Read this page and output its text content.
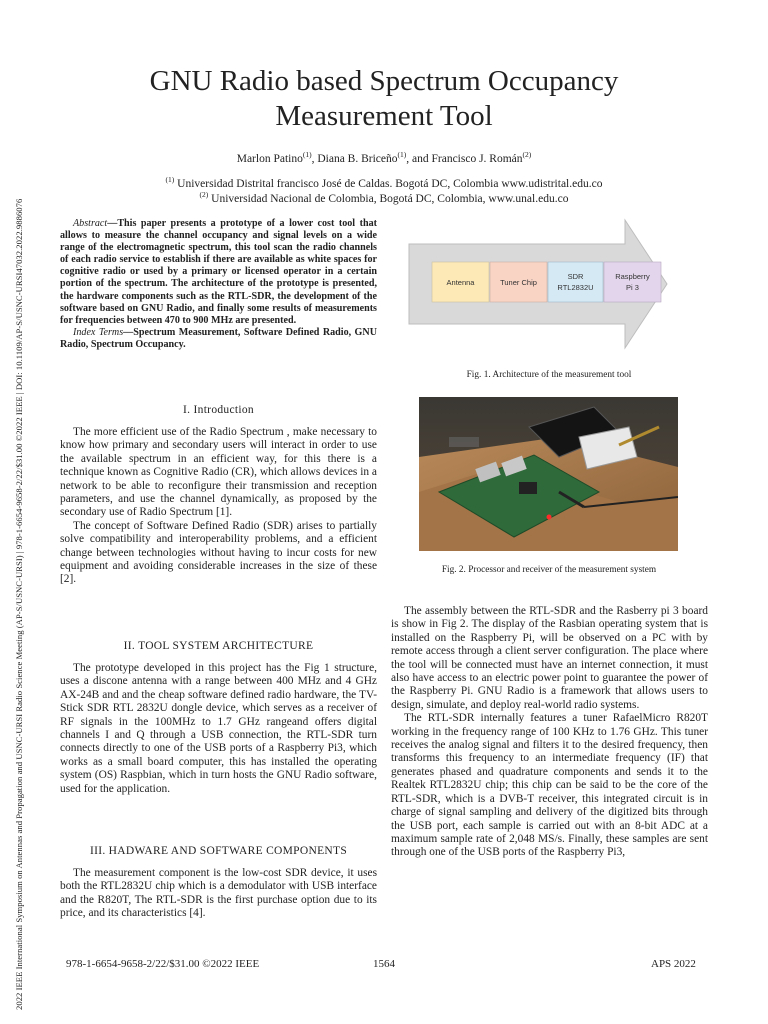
2022 IEEE International Symposium on Antennas and Propagation and USNC-URSI Radio Science Meeting (AP-S/USNC-URSI) | 978-1-6654-9658-2/22/$31.00 ©2022 IEEE | DOI: 10.1109/AP-S/USNC-URSI47032.2022.9886076
GNU Radio based Spectrum Occupancy
Measurement Tool
Marlon Patino$^{(1)}$, Diana B. Briceño$^{(1)}$, and Francisco J. Román$^{(2)}$
$^{(1)}$ Universidad Distrital francisco José de Caldas. Bogotá DC, Colombia www.udistrital.edu.co
$^{(2)}$ Universidad Nacional de Colombia, Bogotá DC, Colombia, www.unal.edu.co

Abstract—This paper presents a prototype of a lower cost tool that allows to measure the channel occupancy and signal levels on a wide range of the electromagnetic spectrum, this tool scan the radio channels of each radio service to establish if there are available as white spaces for cognitive radio or used by a primary or licensed operator in a certain portion of the spectrum. The architecture of the prototype is presented, the hardware components such as the RTL-SDR, the development of the software based on GNU Radio, and finally some results of measurements for frequencies between 470 to 900 MHz are presented.

Index Terms—Spectrum Measurement, Software Defined Radio, GNU Radio, Spectrum Occupancy.

I. Introduction

The more efficient use of the Radio Spectrum , make necessary to know how primary and secondary users will interact in order to use the available spectrum in an efficient way, for this there is a technique known as Cognitive Radio (CR), which allows devices in a network to be able to reconfigure their transmission and reception parameters, and use the channel dynamically, as proposed by the secondary use of Radio Spectrum [1].

The concept of Software Defined Radio (SDR) arises to partially solve compatibility and interoperability problems, and a efficient change between technologies without having to incur costs for new equipment and avoiding considerable increases in the size of these [2].

II. TOOL SYSTEM ARCHITECTURE

The prototype developed in this project has the Fig 1 structure, uses a discone antenna with a range between 400 MHz and 4 GHz AX-24B and and the cheap software defined radio hardware, the TV-Stick SDR RTL 2832U dongle device, which serves as a receiver of RF signals in the 100MHz to 1.7 GHz rangeand offers digital channels I and Q through a USB connection, the RTL-SDR turn connects directly to one of the USB ports of a Raspberry Pi3, which works as a small board computer, this has installed the operating system (OS) Raspbian, which in turn hosts the GNU Radio software, used for the application.

III. HADWARE AND SOFTWARE COMPONENTS

The measurement component is the low-cost SDR device, it uses both the RTL2832U chip which is a demodulator with USB interface and the R820T, The RTL-SDR is the first purchase option due to its price, and its characteristics [4].

Antenna	Tuner Chip
SDR
RTL2832U
Raspberry
Pi 3
Fig. 1. Architecture of the measurement tool
Fig. 2. Processor and receiver of the measurement system

The assembly between the RTL-SDR and the Rasberry pi 3 board is show in Fig 2. The display of the Rasbian operating system that is installed on the Raspberry Pi, will be observed on a PC with by remote access through a client server configuration. The place where the tool will be connected must have an internet connection, it must also have access to an electric power point to guarantee the power of the Raspberry Pi. GNU Radio is a framework that allows users to design, simulate, and deploy real-world radio systems.

The RTL-SDR internally features a tuner RafaelMicro R820T working in the frequency range of 100 KHz to 1.76 GHz. This tuner receives the analog signal and filters it to the desired frequency, then transforms this frequency to an intermediate frequency (IF) that generates phased and quadrature components and sends it to the Realtek RTL2832U chip; this chip can be said to be the core of the RTL-SDR, which is a DVB-T receiver, this integrated circuit is in charge of signal sampling and delivery of the digitized bits through the USB port, each sample is carried out with an 8-bit ADC at a maximum sample rate of 2,048 MS/s. Finally, these samples are sent through one of the USB ports of the Raspberry Pi3,

978-1-6654-9658-2/22/$31.00 ©2022 IEEE	1564	APS 2022
